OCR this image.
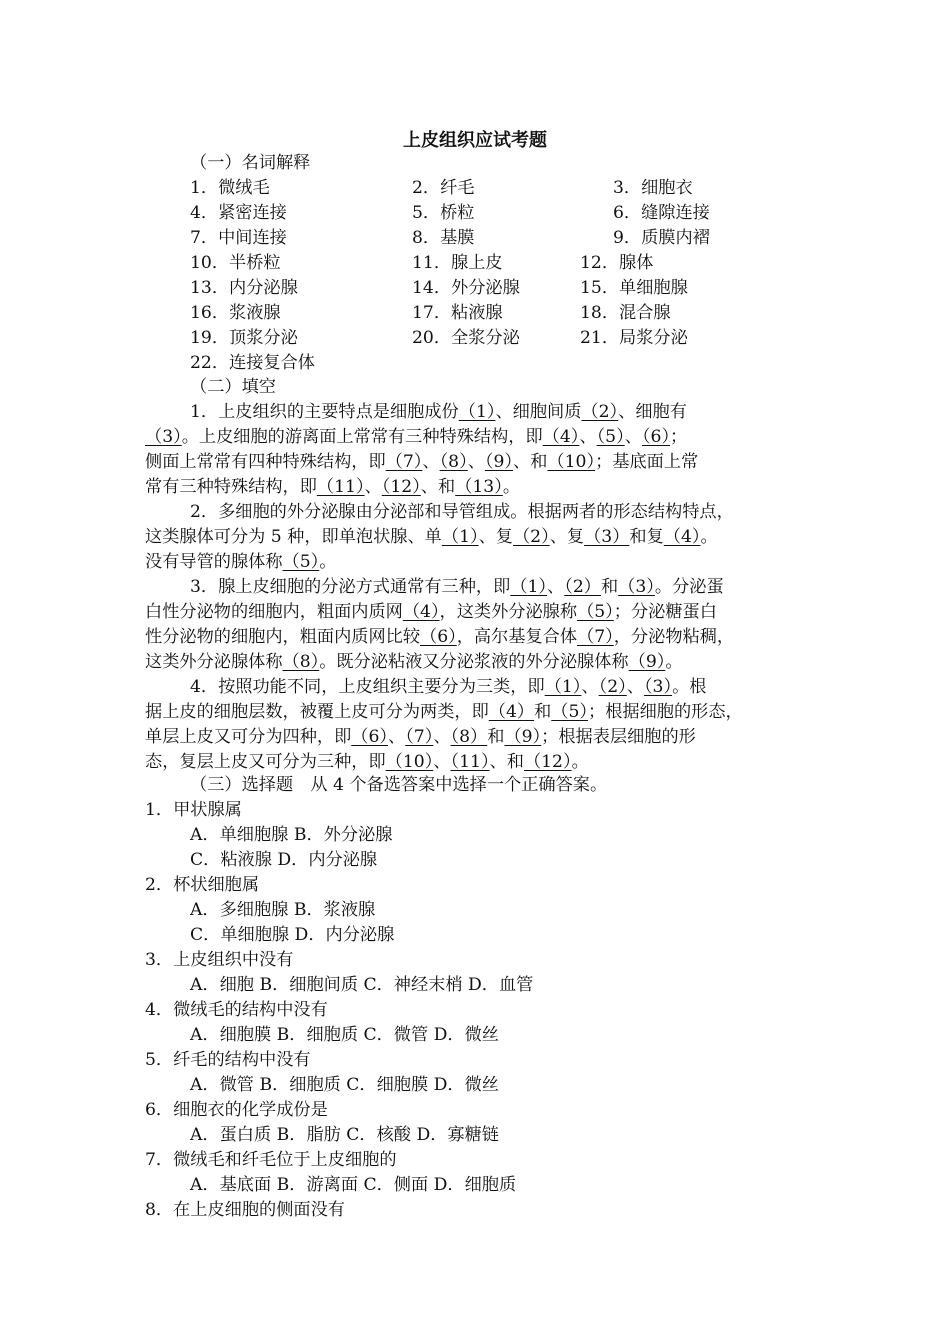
上皮组织应试考题
（一）名词解释
1．微绒毛	2．纤毛	3．细胞衣
4．紧密连接	5．桥粒	6．缝隙连接
7．中间连接	8．基膜	9．质膜内褶
10．半桥粒	11．腺上皮	12．腺体
13．内分泌腺	14．外分泌腺	15．单细胞腺
16．浆液腺	17．粘液腺	18．混合腺
19．顶浆分泌	20．全浆分泌	21．局浆分泌
22．连接复合体
（二）填空
1．上皮组织的主要特点是细胞成份（1）、细胞间质（2）、细胞有
（3）。上皮细胞的游离面上常常有三种特殊结构，即（4）、（5）、（6）；
侧面上常常有四种特殊结构，即（7）、（8）、（9）、和（10）；基底面上常
常有三种特殊结构，即（11）、（12）、和（13）。
2．多细胞的外分泌腺由分泌部和导管组成。根据两者的形态结构特点，
这类腺体可分为 5 种，即单泡状腺、单（1）、复（2）、复（3）和复（4）。
没有导管的腺体称（5）。
3．腺上皮细胞的分泌方式通常有三种，即（1）、（2）和（3）。分泌蛋
白性分泌物的细胞内，粗面内质网（4），这类外分泌腺称（5）；分泌糖蛋白
性分泌物的细胞内，粗面内质网比较（6），高尔基复合体（7），分泌物粘稠，
这类外分泌腺体称（8）。既分泌粘液又分泌浆液的外分泌腺体称（9）。
4．按照功能不同，上皮组织主要分为三类，即（1）、（2）、（3）。根
据上皮的细胞层数，被覆上皮可分为两类，即（4）和（5）；根据细胞的形态，
单层上皮又可分为四种，即（6）、（7）、（8）和（9）；根据表层细胞的形
态，复层上皮又可分为三种，即（10）、（11）、和（12）。
（三）选择题　从 4 个备选答案中选择一个正确答案。
1．甲状腺属
A．单细胞腺 B．外分泌腺
C．粘液腺 D．内分泌腺
2．杯状细胞属
A．多细胞腺 B．浆液腺
C．单细胞腺 D．内分泌腺
3．上皮组织中没有
A．细胞 B．细胞间质 C．神经末梢 D．血管
4．微绒毛的结构中没有
A．细胞膜 B．细胞质 C．微管 D．微丝
5．纤毛的结构中没有
A．微管 B．细胞质 C．细胞膜 D．微丝
6．细胞衣的化学成份是
A．蛋白质 B．脂肪 C．核酸 D．寡糖链
7．微绒毛和纤毛位于上皮细胞的
A．基底面 B．游离面 C．侧面 D．细胞质
8．在上皮细胞的侧面没有
